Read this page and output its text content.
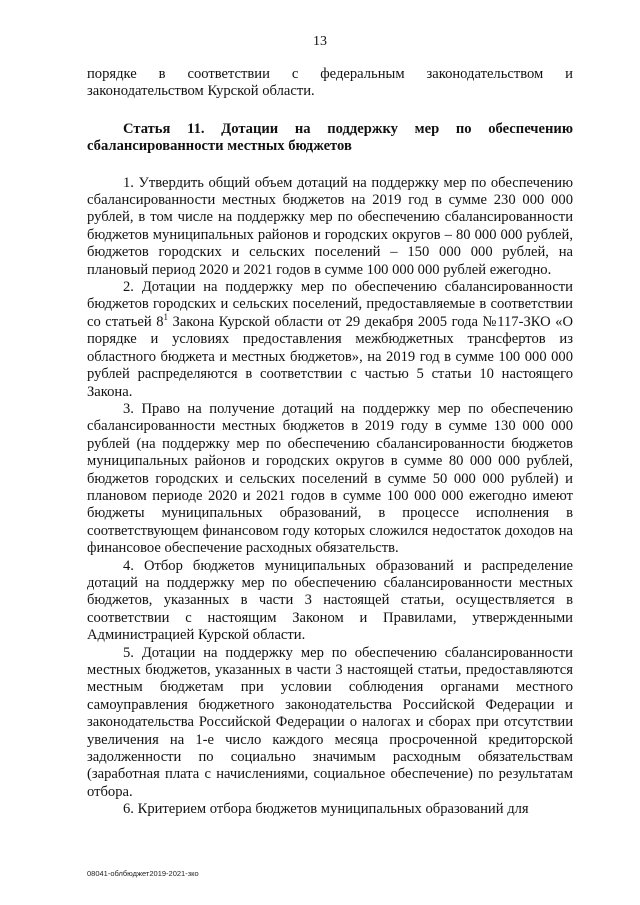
13

порядке в соответствии с федеральным законодательством и законодательством Курской области.

Статья 11. Дотации на поддержку мер по обеспечению сбалансированности местных бюджетов

1. Утвердить общий объем дотаций на поддержку мер по обеспечению сбалансированности местных бюджетов на 2019 год в сумме 230 000 000 рублей, в том числе на поддержку мер по обеспечению сбалансированности бюджетов муниципальных районов и городских округов – 80 000 000 рублей, бюджетов городских и сельских поселений – 150 000 000 рублей, на плановый период 2020 и 2021 годов в сумме 100 000 000 рублей ежегодно.

2. Дотации на поддержку мер по обеспечению сбалансированности бюджетов городских и сельских поселений, предоставляемые в соответствии со статьей $8^1$ Закона Курской области от 29 декабря 2005 года №117-ЗКО «О порядке и условиях предоставления межбюджетных трансфертов из областного бюджета и местных бюджетов», на 2019 год в сумме 100 000 000 рублей распределяются в соответствии с частью 5 статьи 10 настоящего Закона.

3. Право на получение дотаций на поддержку мер по обеспечению сбалансированности местных бюджетов в 2019 году в сумме 130 000 000 рублей (на поддержку мер по обеспечению сбалансированности бюджетов муниципальных районов и городских округов в сумме 80 000 000 рублей, бюджетов городских и сельских поселений в сумме 50 000 000 рублей) и плановом периоде 2020 и 2021 годов в сумме 100 000 000 ежегодно имеют бюджеты муниципальных образований, в процессе исполнения в соответствующем финансовом году которых сложился недостаток доходов на финансовое обеспечение расходных обязательств.

4. Отбор бюджетов муниципальных образований и распределение дотаций на поддержку мер по обеспечению сбалансированности местных бюджетов, указанных в части 3 настоящей статьи, осуществляется в соответствии с настоящим Законом и Правилами, утвержденными Администрацией Курской области.

5. Дотации на поддержку мер по обеспечению сбалансированности местных бюджетов, указанных в части 3 настоящей статьи, предоставляются местным бюджетам при условии соблюдения органами местного самоуправления бюджетного законодательства Российской Федерации и законодательства Российской Федерации о налогах и сборах при отсутствии увеличения на 1-е число каждого месяца просроченной кредиторской задолженности по социально значимым расходным обязательствам (заработная плата с начислениями, социальное обеспечение) по результатам отбора.

6. Критерием отбора бюджетов муниципальных образований для

08041-облбюджет2019-2021-зко
